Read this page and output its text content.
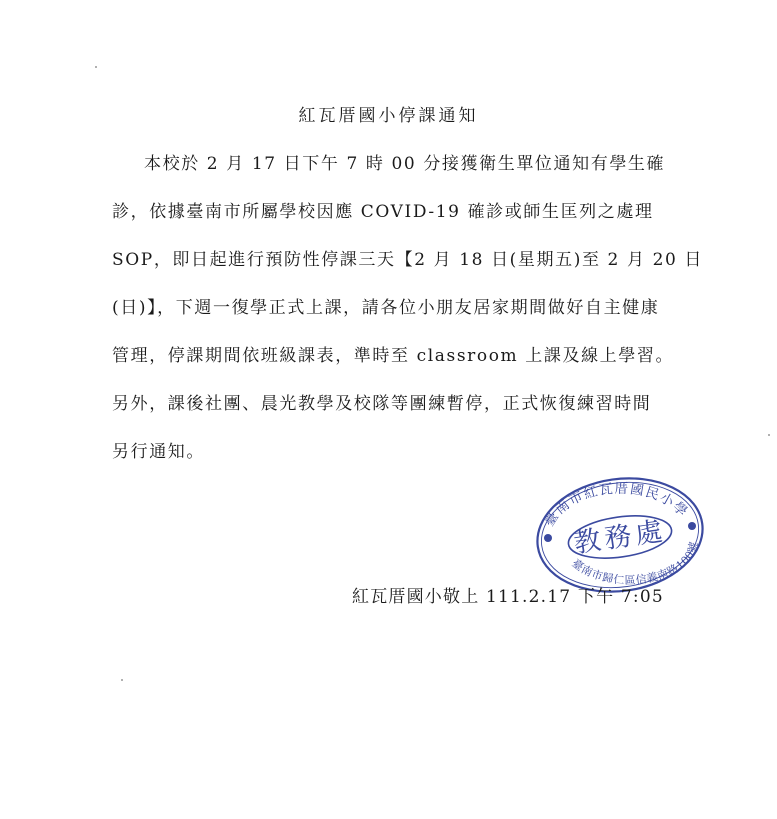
紅瓦厝國小停課通知
本校於 2 月 17 日下午 7 時 00 分接獲衛生單位通知有學生確
診，依據臺南市所屬學校因應 COVID-19 確診或師生匡列之處理
SOP，即日起進行預防性停課三天【2 月 18 日(星期五)至 2 月 20 日
(日)】，下週一復學正式上課，請各位小朋友居家期間做好自主健康
管理，停課期間依班級課表，準時至 classroom 上課及線上學習。
另外，課後社團、晨光教學及校隊等團練暫停，正式恢復練習時間
另行通知。
臺南市紅瓦厝國民小學
臺南市歸仁區信義南路100號
教務處
紅瓦厝國小敬上 111.2.17 下午 7:05
